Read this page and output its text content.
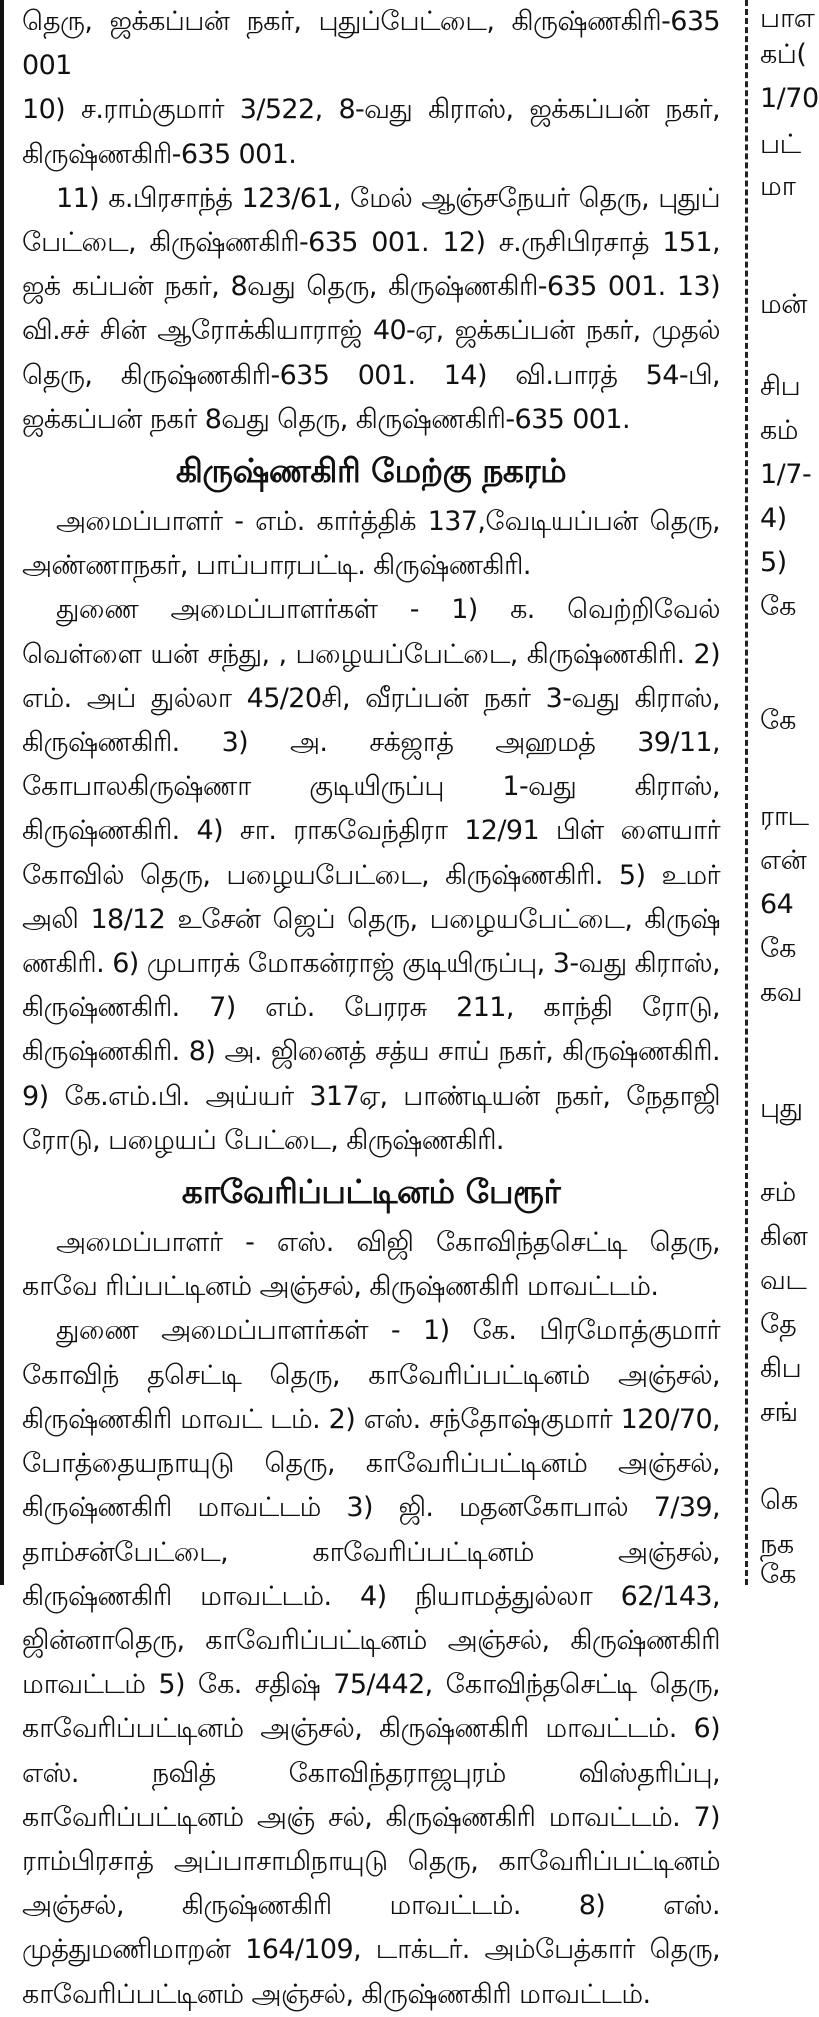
தெரு, ஜக்கப்பன் நகர், புதுப்பேட்டை, கிருஷ்ணகிரி-635 001

10) ச.ராம்குமார் 3/522, 8-வது கிராஸ், ஜக்கப்பன் நகர், கிருஷ்ணகிரி-635 001.

11) க.பிரசாந்த் 123/61, மேல் ஆஞ்சநேயர் தெரு, புதுப் பேட்டை, கிருஷ்ணகிரி-635 001. 12) ச.ருசிபிரசாத் 151, ஜக் கப்பன் நகர், 8வது தெரு, கிருஷ்ணகிரி-635 001. 13) வி.சச் சின் ஆரோக்கியாராஜ் 40-ஏ, ஜக்கப்பன் நகர், முதல் தெரு, கிருஷ்ணகிரி-635 001. 14) வி.பாரத் 54-பி, ஜக்கப்பன் நகர் 8வது தெரு, கிருஷ்ணகிரி-635 001.

கிருஷ்ணகிரி மேற்கு நகரம்

அமைப்பாளர் - எம். கார்த்திக் 137,வேடியப்பன் தெரு, அண்ணாநகர், பாப்பாரபட்டி. கிருஷ்ணகிரி.

துணை அமைப்பாளர்கள் - 1) க. வெற்றிவேல் வெள்ளை யன் சந்து, , பழையப்பேட்டை, கிருஷ்ணகிரி. 2) எம். அப் துல்லா 45/20சி, வீரப்பன் நகர் 3-வது கிராஸ், கிருஷ்ணகிரி. 3) அ. சக்ஜாத் அஹமத் 39/11, கோபாலகிருஷ்ணா குடியிருப்பு 1-வது கிராஸ், கிருஷ்ணகிரி. 4) சா. ராகவேந்திரா 12/91 பிள் ளையார் கோவில் தெரு, பழையபேட்டை, கிருஷ்ணகிரி. 5) உமர் அலி 18/12 உசேன் ஜெப் தெரு, பழையபேட்டை, கிருஷ் ணகிரி. 6) முபாரக் மோகன்ராஜ் குடியிருப்பு, 3-வது கிராஸ், கிருஷ்ணகிரி. 7) எம். பேரரசு 211, காந்தி ரோடு, கிருஷ்ணகிரி. 8) அ. ஜினைத் சத்ய சாய் நகர், கிருஷ்ணகிரி. 9) கே.எம்.பி. அய்யர் 317ஏ, பாண்டியன் நகர், நேதாஜி ரோடு, பழையப் பேட்டை, கிருஷ்ணகிரி.

காவேரிப்பட்டினம் பேரூர்

அமைப்பாளர் - எஸ். விஜி கோவிந்தசெட்டி தெரு, காவே ரிப்பட்டினம் அஞ்சல், கிருஷ்ணகிரி மாவட்டம்.

துணை அமைப்பாளர்கள் - 1) கே. பிரமோத்குமார் கோவிந் தசெட்டி தெரு, காவேரிப்பட்டினம் அஞ்சல், கிருஷ்ணகிரி மாவட் டம். 2) எஸ். சந்தோஷ்குமார் 120/70, போத்தையநாயுடு தெரு, காவேரிப்பட்டினம் அஞ்சல், கிருஷ்ணகிரி மாவட்டம் 3) ஜி. மதனகோபால் 7/39, தாம்சன்பேட்டை, காவேரிப்பட்டினம் அஞ்சல், கிருஷ்ணகிரி மாவட்டம். 4) நியாமத்துல்லா 62/143, ஜின்னாதெரு, காவேரிப்பட்டினம் அஞ்சல், கிருஷ்ணகிரி மாவட்டம் 5) கே. சதிஷ் 75/442, கோவிந்தசெட்டி தெரு, காவேரிப்பட்டினம் அஞ்சல், கிருஷ்ணகிரி மாவட்டம். 6) எஸ். நவித் கோவிந்தராஜபுரம் விஸ்தரிப்பு, காவேரிப்பட்டினம் அஞ் சல், கிருஷ்ணகிரி மாவட்டம். 7) ராம்பிரசாத் அப்பாசாமிநாயுடு தெரு, காவேரிப்பட்டினம் அஞ்சல், கிருஷ்ணகிரி மாவட்டம். 8) எஸ். முத்துமணிமாறன் 164/109, டாக்டர். அம்பேத்கார் தெரு, காவேரிப்பட்டினம் அஞ்சல், கிருஷ்ணகிரி மாவட்டம்.

பாஎ
கப்(
1/70
பட்
மா
மன்
சிப
கம்
1/7-
4)
5)
கே
கே
ராட
என்
64
கே
கவ
புது
சம்
கின
வட
தே
கிப
சங்
கெ
நக
கே
